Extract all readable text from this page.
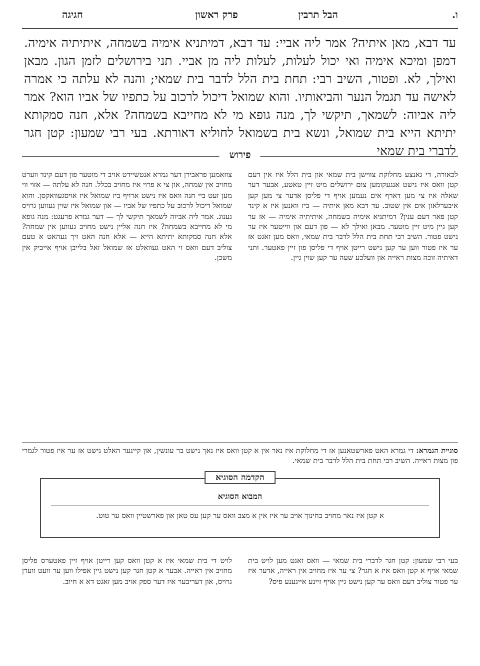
ו.
הבל תרבין
פרק ראשון
חגיגה
עד דבא, מאן איתיה? אמר ליה אביי: עד דבא, דמיתניא אימיה בשמחה, איתיתיה אימיה. דמפן ומיכא אימיה ואי יכול לעלות, לעלות ליה מן אביי. תני בירושלים לזמן הגון. מבאן ואילך, לא. ופטור, השיב רבי: תחת בית הלל לדבר בית שמאי; והנה לא עלתה כי אמרה לאישה עד תגמל הנער והביאותיו. והוא שמואל דיכול לרכוב על כתפיו של אביו הוא? אמר ליה אביוה: לשמאך, תיקשי לך, מנה גופא מי לא מחייבא בשמחה? אלא, חנה סמקותא יתיתא הייא בית שמואל, ונשא בית בשמואל לחוליא דאורתא. בעי רבי שמעון: קטן חגר לדברי בית שמאי
פירוש
לכאורה, די גאנצע מחלוקת צווישן בית שמאי און בית הלל איז אין דעם קטן וואס איז נישט אנגעקומען צום ירושלים מיט זיין טאטע, אבער דער שאלה איז צי מען דארף אים נעמען אויף די פליסן אדער צי מען קען איבערלאזן אים אין שטוב. עד דבא מאן איתיה — ביז וואנען איז א קינד קטן פאר דעם ענין? דמיתניא אימיה בשמחה, איתיתיה אימיה — אז ער קען גיין מיט זיין מוטער. מבאן ואילך לא — פון דעם און ווייטער איז ער נישט פטור. השיב רבי תחת בית הלל לדבר בית שמאי, וואס מען זאגט אז ער איז פטור ווען ער קען נישט רייטן אויף די פליסן פון זיין פאטער. ותני דאיתיה זוכה מצות ראייה און וועלכע שעה ער קען שוין גיין.
צוזאמען פראבירן דער גמרא אנטשיידט אויב די מוטער פון דעם קינד ווערט מחויב אין שמחה, און צי א פרוי איז מחויב בכלל. חנה לא עלתה — אזוי ווי מען זעט ביי חנה וואס איז נישט ארויף ביז שמואל איז אויסגעוואקסן. והוא שמואל דיכול לרכוב על כתפיו של אביו — און שמואל איז שוין געווען גרויס גענוג. אמר ליה אביוה לשמאך תיקשי לך — דער גמרא פרעגט: מנה גופא מי לא מחייבא בשמחה? איז חנה אליין נישט מחויב געווען אין שמחה? אלא חנה סמקותא יתיתא הייא — אלא חנה האט זיך געהאט א טעם צוליב דעם וואס זי האט געוואלט אז שמואל זאל בלייבן אויף אייביק אין משכן.
סוגיית הגמרא: די גמרא האט פארשטאנען אז די מחלוקת איז נאר אין א קטן וואס איז נאך נישט בר עונשין, און קיינער האלט נישט אז ער איז פטור לגמרי פון מצות ראייה. השיב רבי תחת בית הלל לדבר בית שמאי.
הקדמה הסוגיא
המבוא הסוגיא
א קטן איז נאר מחויב בחינוך אויב ער איז אין א מצב וואס ער קען עס טאן און פארשטיין וואס ער טוט.
בעי רבי שמעון: קטן חגר לדברי בית שמאי — וואס זאגט מען לויט בית שמאי אויף א קטן וואס איז א חגר? צי ער איז מחויב אין ראייה, אדער איז ער פטור צוליב דעם וואס ער קען נישט גיין אויף זיינע אייגענע פיס?
לויט די בית שמאי איז א קטן וואס קען רייטן אויף זיין פאטערס פליסן מחויב אין ראייה. אבער א קטן חגר קען נישט גיין אפילו ווען ער וועט ווערן גרויס, און דעריבער איז דער ספק אויב מען זאגט דא א חיוב.
